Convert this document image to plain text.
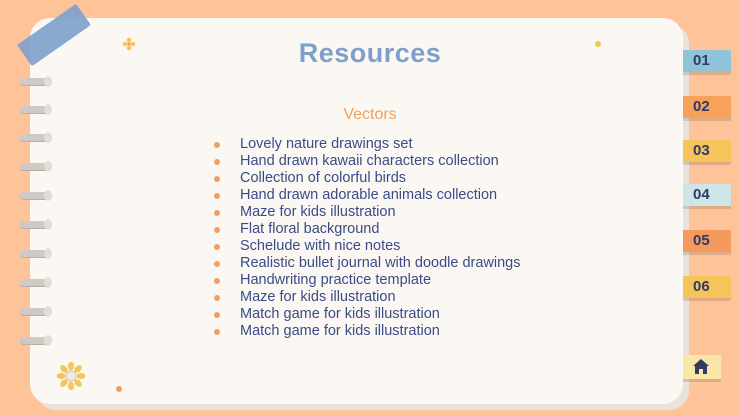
Resources
Vectors
Lovely nature drawings set
Hand drawn kawaii characters collection
Collection of colorful birds
Hand drawn adorable animals collection
Maze for kids illustration
Flat floral background
Schelude with nice notes
Realistic bullet journal with doodle drawings
Handwriting practice template
Maze for kids illustration
Match game for kids illustration
Match game for kids illustration
01
02
03
04
05
06
